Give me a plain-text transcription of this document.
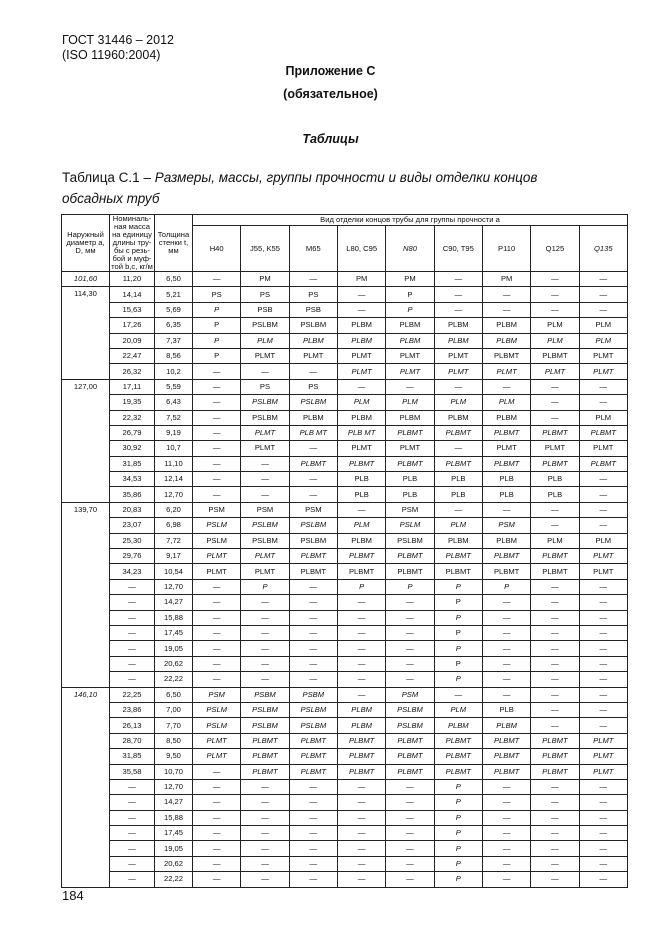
ГОСТ 31446 – 2012
(ISO 11960:2004)
Приложение С
(обязательное)
Таблицы
Таблица С.1 – Размеры, массы, группы прочности и виды отделки концов
обсадных труб
Наружный диаметр а, D, мм	Номиналь-ная масса на единицу длины тру-бы с резь-бой и муф-той b,c, кг/м	Толщина стенки t, мм	Вид отделки концов трубы для группы прочности а								
			Н40	J55, K55	M65	L80, C95	N80	C90, T95	P110	Q125	Q135
101,60	11,20	6,50	—	PM	—	PM	PM	—	PM	—	—
114,30	14,14	5,21	PS	PS	PS	—	P	—	—	—	—
	15,63	5,69	P	PSB	PSB	—	P	—	—	—	—
	17,26	6,35	P	PSLBM	PSLBM	PLBM	PLBM	PLBM	PLBM	PLM	PLM
	20,09	7,37	P	PLM	PLBM	PLBM	PLBM	PLBM	PLBM	PLM	PLM
	22,47	8,56	P	PLMT	PLMT	PLMT	PLMT	PLMT	PLBMT	PLBMT	PLMT
	26,32	10,2	—	—	—	PLMT	PLMT	PLMT	PLMT	PLMT	PLMT
127,00	17,11	5,59	—	PS	PS	—	—	—	—	—	—
	19,35	6,43	—	PSLBM	PSLBM	PLM	PLM	PLM	PLM	—	—
	22,32	7,52	—	PSLBM	PLBM	PLBM	PLBM	PLBM	PLBM	—	PLM
	26,79	9,19	—	PLMT	PLB MT	PLB MT	PLBMT	PLBMT	PLBMT	PLBMT	PLBMT
	30,92	10,7	—	PLMT	—	PLMT	PLMT	—	PLMT	PLMT	PLMT
	31,85	11,10	—	—	PLBMT	PLBMT	PLBMT	PLBMT	PLBMT	PLBMT	PLBMT
	34,53	12,14	—	—	—	PLB	PLB	PLB	PLB	PLB	—
	35,86	12,70	—	—	—	PLB	PLB	PLB	PLB	PLB	—
139,70	20,83	6,20	PSM	PSM	PSM	—	PSM	—	—	—	—
	23,07	6,98	PSLM	PSLBM	PSLBM	PLM	PSLM	PLM	PSM	—	—
	25,30	7,72	PSLM	PSLBM	PSLBM	PLBM	PSLBM	PLBM	PLBM	PLM	PLM
	29,76	9,17	PLMT	PLMT	PLBMT	PLBMT	PLBMT	PLBMT	PLBMT	PLBMT	PLMT
	34,23	10,54	PLMT	PLMT	PLBMT	PLBMT	PLBMT	PLBMT	PLBMT	PLBMT	PLMT
	—	12,70	—	P	—	P	P	P	P	—	—
	—	14,27	—	—	—	—	—	P	—	—	—
	—	15,88	—	—	—	—	—	P	—	—	—
	—	17,45	—	—	—	—	—	P	—	—	—
	—	19,05	—	—	—	—	—	P	—	—	—
	—	20,62	—	—	—	—	—	P	—	—	—
	—	22,22	—	—	—	—	—	P	—	—	—
146,10	22,25	6,50	PSM	PSBM	PSBM	—	PSM	—	—	—	—
	23,86	7,00	PSLM	PSLBM	PSLBM	PLBM	PSLBM	PLM	PLB	—	—
	26,13	7,70	PSLM	PSLBM	PSLBM	PLBM	PSLBM	PLBM	PLBM	—	—
	28,70	8,50	PLMT	PLBMT	PLBMT	PLBMT	PLBMT	PLBMT	PLBMT	PLBMT	PLMT
	31,85	9,50	PLMT	PLBMT	PLBMT	PLBMT	PLBMT	PLBMT	PLBMT	PLBMT	PLMT
	35,58	10,70	—	PLBMT	PLBMT	PLBMT	PLBMT	PLBMT	PLBMT	PLBMT	PLMT
	—	12,70	—	—	—	—	—	P	—	—	—
	—	14,27	—	—	—	—	—	P	—	—	—
	—	15,88	—	—	—	—	—	P	—	—	—
	—	17,45	—	—	—	—	—	P	—	—	—
	—	19,05	—	—	—	—	—	P	—	—	—
	—	20,62	—	—	—	—	—	P	—	—	—
	—	22,22	—	—	—	—	—	P	—	—	—
184
